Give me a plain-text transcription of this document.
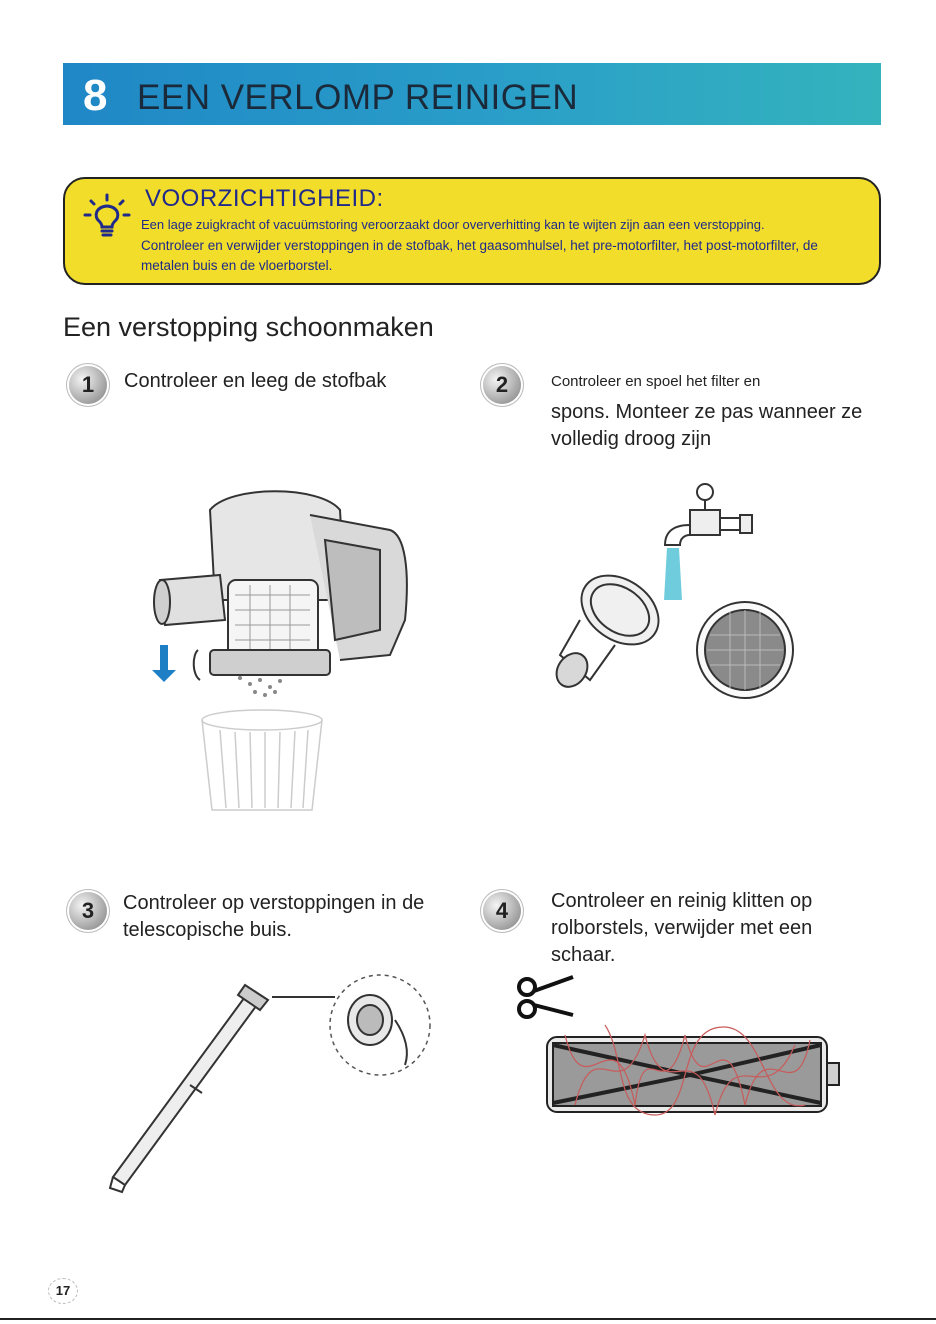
8 EEN VERLOMP REINIGEN
VOORZICHTIGHEID:
Een lage zuigkracht of vacuümstoring veroorzaakt door oververhitting kan te wijten zijn aan een verstopping.
Controleer en verwijder verstoppingen in de stofbak, het gaasomhulsel, het pre-motorfilter, het post-motorfilter, de metalen buis en de vloerborstel.
Een verstopping schoonmaken
1	Controleer en leeg de stofbak	2	Controleer en spoel het filter en
spons. Monteer ze pas wanneer ze volledig droog zijn
3	Controleer op verstoppingen in de telescopische buis.
4	Controleer en reinig klitten op rolborstels, verwijder met een schaar.
17
